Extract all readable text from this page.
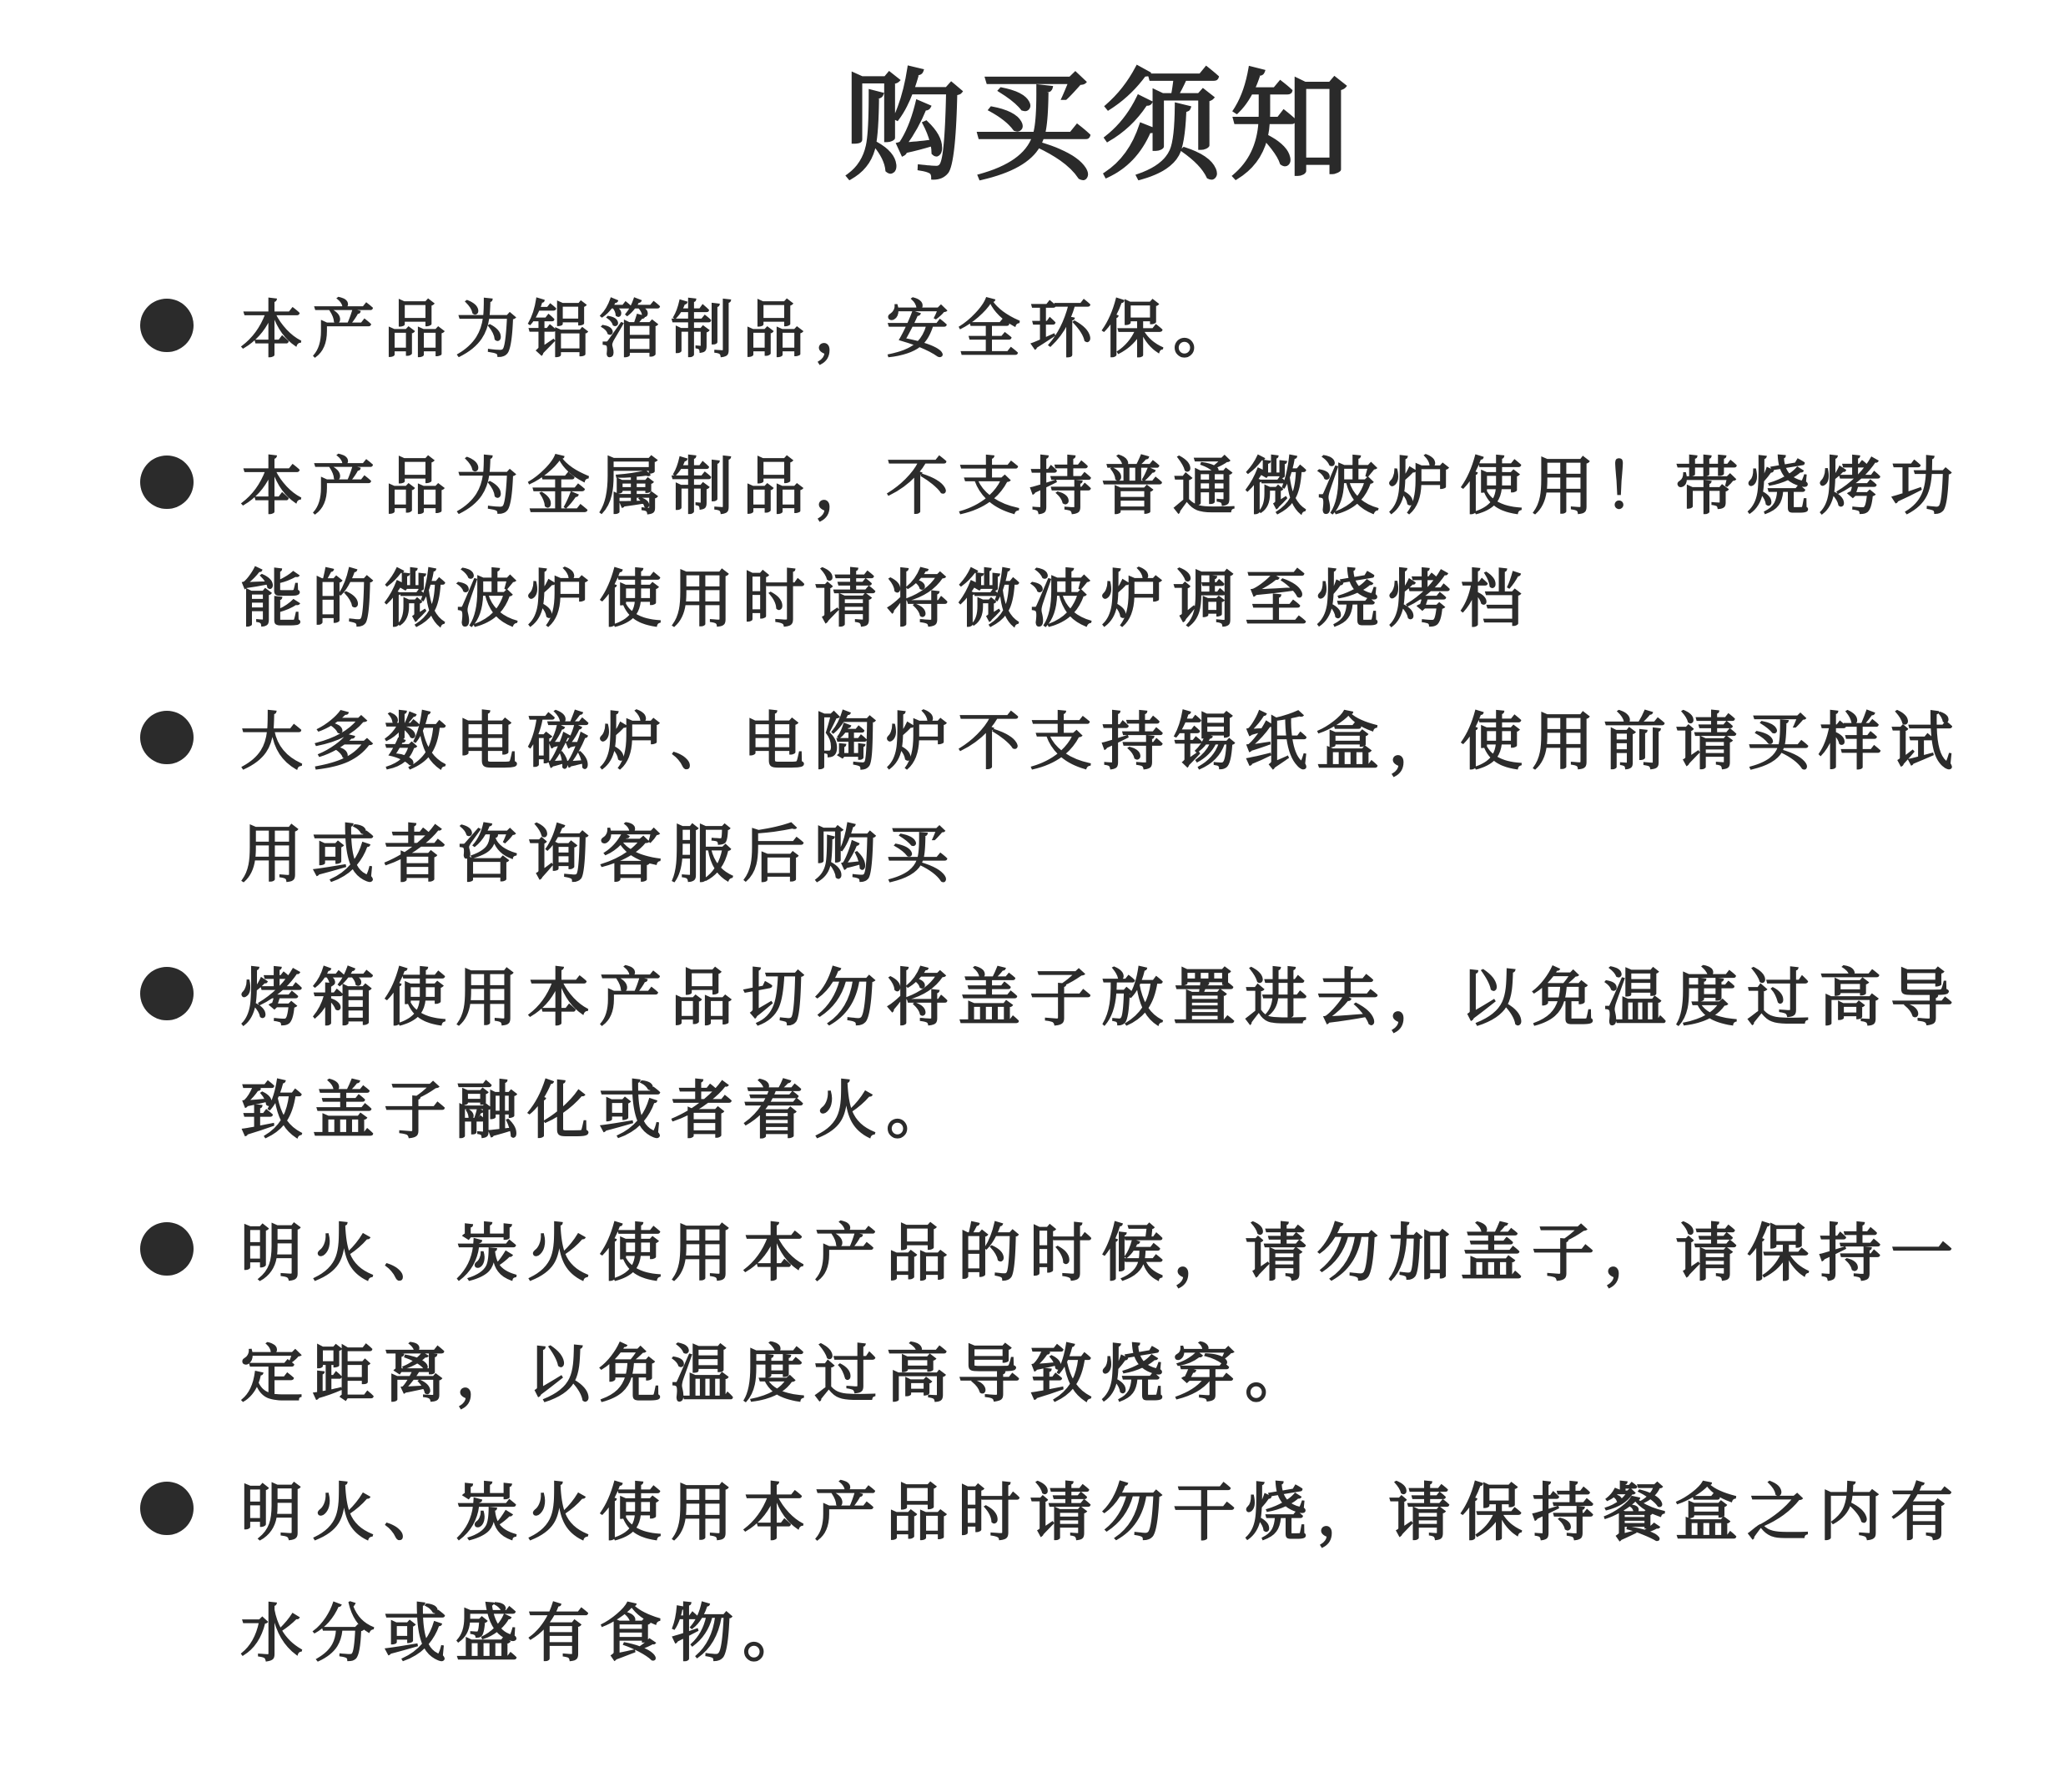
购买须知
本产品为铝箔制品，安全环保。
本产品为金属制品，不支持普通微波炉使用！带烧烤功
能的微波炉使用时请将微波炉调至烧烤档
大多数电磁炉、电陶炉不支持锡纸盒，使用前请买样试
用或者咨询客服后购买
烤箱使用本产品切勿将盖子放置进去，以免温度过高导
致盖子融化或者着火。
明火、炭火使用本产品的时候，请勿加盖子，请保持一
定距离，以免温度过高导致烧穿。
明火、炭火使用本产品时请勿干烧，请保持餐盒之内有
水分或盛有食物。
